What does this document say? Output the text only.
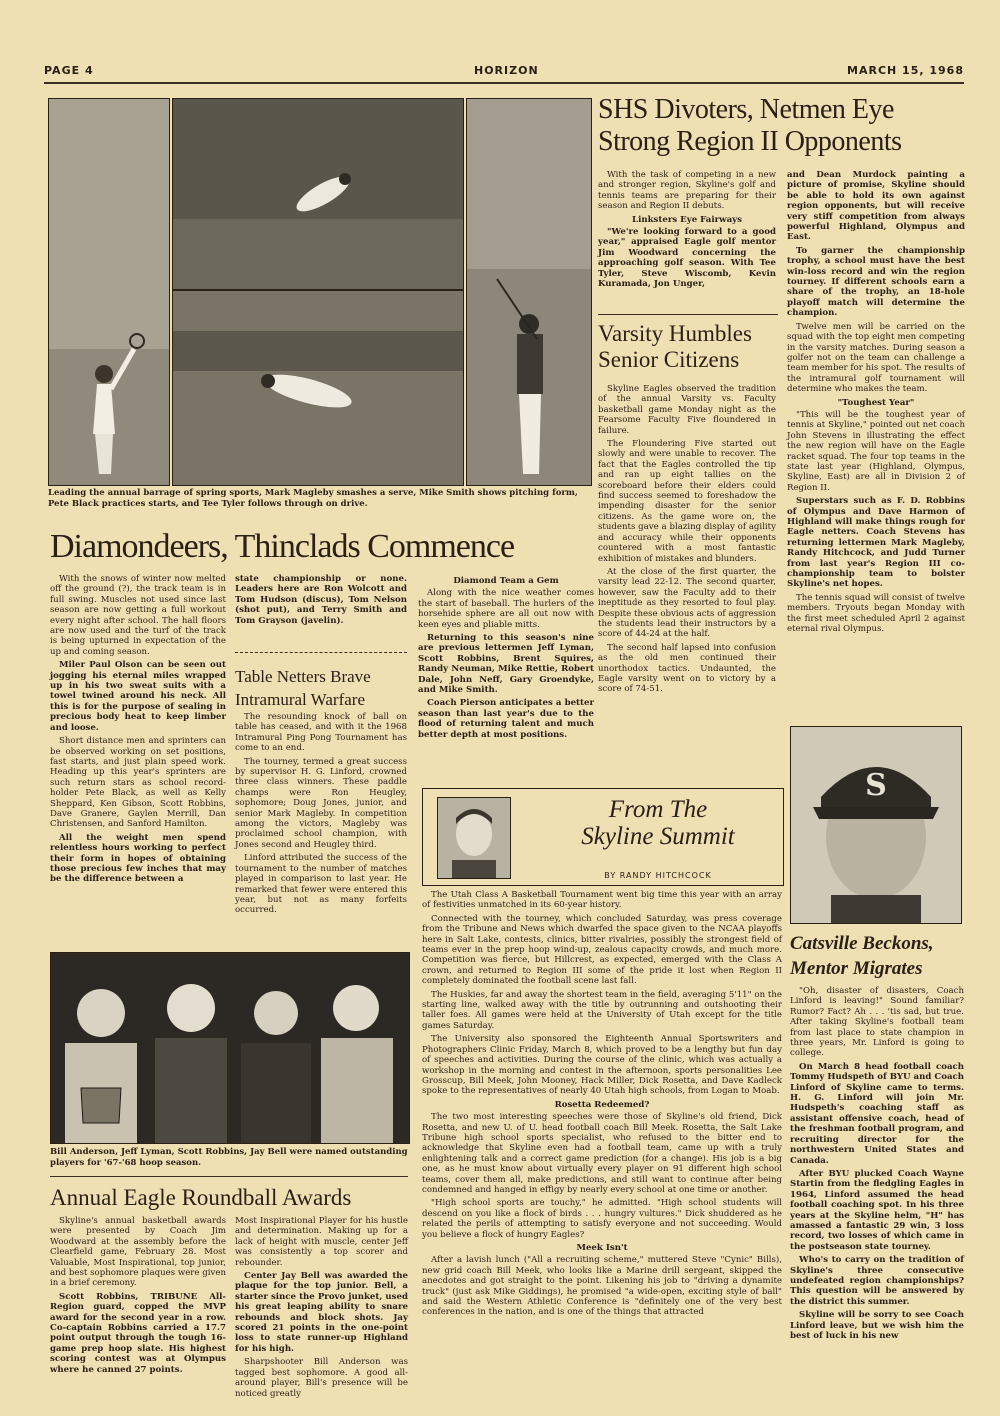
PAGE 4	HORIZON	MARCH 15, 1968
Leading the annual barrage of spring sports, Mark Magleby smashes a serve, Mike Smith shows pitching form, Pete Black practices starts, and Tee Tyler follows through on drive.
SHS Divoters, Netmen Eye
Strong Region II Opponents

With the task of competing in a new and stronger region, Skyline's golf and tennis teams are preparing for their season and Region II debuts.

Linksters Eye Fairways

"We're looking forward to a good year," appraised Eagle golf mentor Jim Woodward concerning the approaching golf season. With Tee Tyler, Steve Wiscomb, Kevin Kuramada, Jon Unger,

and Dean Murdock painting a picture of promise, Skyline should be able to hold its own against region opponents, but will receive very stiff competition from always powerful Highland, Olympus and East.

To garner the championship trophy, a school must have the best win-loss record and win the region tourney. If different schools earn a share of the trophy, an 18-hole playoff match will determine the champion.

Twelve men will be carried on the squad with the top eight men competing in the varsity matches. During season a golfer not on the team can challenge a team member for his spot. The results of the intramural golf tournament will determine who makes the team.

"Toughest Year"

"This will be the toughest year of tennis at Skyline," pointed out net coach John Stevens in illustrating the effect the new region will have on the Eagle racket squad. The four top teams in the state last year (Highland, Olympus, Skyline, East) are all in Division 2 of Region II.

Superstars such as F. D. Robbins of Olympus and Dave Harmon of Highland will make things rough for Eagle netters. Coach Stevens has returning lettermen Mark Magleby, Randy Hitchcock, and Judd Turner from last year's Region III co-championship team to bolster Skyline's net hopes.

The tennis squad will consist of twelve members. Tryouts began Monday with the first meet scheduled April 2 against eternal rival Olympus.

Varsity Humbles
Senior Citizens

Skyline Eagles observed the tradition of the annual Varsity vs. Faculty basketball game Monday night as the Fearsome Faculty Five floundered in failure.

The Floundering Five started out slowly and were unable to recover. The fact that the Eagles controlled the tip and ran up eight tallies on the scoreboard before their elders could find success seemed to foreshadow the impending disaster for the senior citizens. As the game wore on, the students gave a blazing display of agility and accuracy while their opponents countered with a most fantastic exhibition of mistakes and blunders.

At the close of the first quarter, the varsity lead 22-12. The second quarter, however, saw the Faculty add to their ineptitude as they resorted to foul play. Despite these obvious acts of aggression the students lead their instructors by a score of 44-24 at the half.

The second half lapsed into confusion as the old men continued their unorthodox tactics. Undaunted, the Eagle varsity went on to victory by a score of 74-51.

Diamondeers, Thinclads Commence

With the snows of winter now melted off the ground (?), the track team is in full swing. Muscles not used since last season are now getting a full workout every night after school. The hall floors are now used and the turf of the track is being upturned in expectation of the up and coming season.

Miler Paul Olson can be seen out jogging his eternal miles wrapped up in his two sweat suits with a towel twined around his neck. All this is for the purpose of sealing in precious body heat to keep limber and loose.

Short distance men and sprinters can be observed working on set positions, fast starts, and just plain speed work. Heading up this year's sprinters are such return stars as school record-holder Pete Black, as well as Kelly Sheppard, Ken Gibson, Scott Robbins, Dave Granere, Gaylen Merrill, Dan Christensen, and Sanford Hamilton.

All the weight men spend relentless hours working to perfect their form in hopes of obtaining those precious few inches that may be the difference between a

state championship or none. Leaders here are Ron Wolcott and Tom Hudson (discus), Tom Nelson (shot put), and Terry Smith and Tom Grayson (javelin).

Diamond Team a Gem

Along with the nice weather comes the start of baseball. The hurlers of the horsehide sphere are all out now with keen eyes and pliable mitts.

Returning to this season's nine are previous lettermen Jeff Lyman, Scott Robbins, Brent Squires, Randy Neuman, Mike Rettie, Robert Dale, John Neff, Gary Groendyke, and Mike Smith.

Coach Pierson anticipates a better season than last year's due to the flood of returning talent and much better depth at most positions.

Table Netters Brave
Intramural Warfare

The resounding knock of ball on table has ceased, and with it the 1968 Intramural Ping Pong Tournament has come to an end.

The tourney, termed a great success by supervisor H. G. Linford, crowned three class winners. These paddle champs were Ron Heugley, sophomore; Doug Jones, junior, and senior Mark Magleby. In competition among the victors, Magleby was proclaimed school champion, with Jones second and Heugley third.

Linford attributed the success of the tournament to the number of matches played in comparison to last year. He remarked that fewer were entered this year, but not as many forfeits occurred.

Bill Anderson, Jeff Lyman, Scott Robbins, Jay Bell were named outstanding players for '67-'68 hoop season.
Annual Eagle Roundball Awards

Skyline's annual basketball awards were presented by Coach Jim Woodward at the assembly before the Clearfield game, February 28. Most Valuable, Most Inspirational, top junior, and best sophomore plaques were given in a brief ceremony.

Scott Robbins, TRIBUNE All-Region guard, copped the MVP award for the second year in a row. Co-captain Robbins carried a 17.7 point output through the tough 16-game prep hoop slate. His highest scoring contest was at Olympus where he canned 27 points.

Most Inspirational Player for his hustle and determination. Making up for a lack of height with muscle, center Jeff was consistently a top scorer and rebounder.

Center Jay Bell was awarded the plaque for the top junior. Bell, a starter since the Provo junket, used his great leaping ability to snare rebounds and block shots. Jay scored 21 points in the one-point loss to state runner-up Highland for his high.

Sharpshooter Bill Anderson was tagged best sophomore. A good all-around player, Bill's presence will be noticed greatly

From The
Skyline Summit
BY RANDY HITCHCOCK

The Utah Class A Basketball Tournament went big time this year with an array of festivities unmatched in its 60-year history.

Connected with the tourney, which concluded Saturday, was press coverage from the Tribune and News which dwarfed the space given to the NCAA playoffs here in Salt Lake, contests, clinics, bitter rivalries, possibly the strongest field of teams ever in the prep hoop wind-up, zealous capacity crowds, and much more. Competition was fierce, but Hillcrest, as expected, emerged with the Class A crown, and returned to Region III some of the pride it lost when Region II completely dominated the football scene last fall.

The Huskies, far and away the shortest team in the field, averaging 5'11" on the starting line, walked away with the title by outrunning and outshooting their taller foes. All games were held at the University of Utah except for the title games Saturday.

The University also sponsored the Eighteenth Annual Sportswriters and Photographers Clinic Friday, March 8, which proved to be a lengthy but fun day of speeches and activities. During the course of the clinic, which was actually a workshop in the morning and contest in the afternoon, sports personalities Lee Grosscup, Bill Meek, John Mooney, Hack Miller, Dick Rosetta, and Dave Kadleck spoke to the representatives of nearly 40 Utah high schools, from Logan to Moab.

Rosetta Redeemed?

The two most interesting speeches were those of Skyline's old friend, Dick Rosetta, and new U. of U. head football coach Bill Meek. Rosetta, the Salt Lake Tribune high school sports specialist, who refused to the bitter end to acknowledge that Skyline even had a football team, came up with a truly enlightening talk and a correct game prediction (for a change). His job is a big one, as he must know about virtually every player on 91 different high school teams, cover them all, make predictions, and still want to continue after being condemned and hanged in effigy by nearly every school at one time or another.

"High school sports are touchy," he admitted. "High school students will descend on you like a flock of birds . . . hungry vultures." Dick shuddered as he related the perils of attempting to satisfy everyone and not succeeding. Would you believe a flock of hungry Eagles?

Meek Isn't

After a lavish lunch ("All a recruiting scheme," muttered Steve "Cynic" Bills), new grid coach Bill Meek, who looks like a Marine drill sergeant, skipped the anecdotes and got straight to the point. Likening his job to "driving a dynamite truck" (just ask Mike Giddings), he promised "a wide-open, exciting style of ball" and said the Western Athletic Conference is "definitely one of the very best conferences in the nation, and is one of the things that attracted

S
Catsville Beckons,
Mentor Migrates

"Oh, disaster of disasters, Coach Linford is leaving!" Sound familiar? Rumor? Fact? Ah . . . 'tis sad, but true. After taking Skyline's football team from last place to state champion in three years, Mr. Linford is going to college.

On March 8 head football coach Tommy Hudspeth of BYU and Coach Linford of Skyline came to terms. H. G. Linford will join Mr. Hudspeth's coaching staff as assistant offensive coach, head of the freshman football program, and recruiting director for the northwestern United States and Canada.

After BYU plucked Coach Wayne Startin from the fledgling Eagles in 1964, Linford assumed the head football coaching spot. In his three years at the Skyline helm, "H" has amassed a fantastic 29 win, 3 loss record, two losses of which came in the postseason state tourney.

Who's to carry on the tradition of Skyline's three consecutive undefeated region championships? This question will be answered by the district this summer.

Skyline will be sorry to see Coach Linford leave, but we wish him the best of luck in his new
